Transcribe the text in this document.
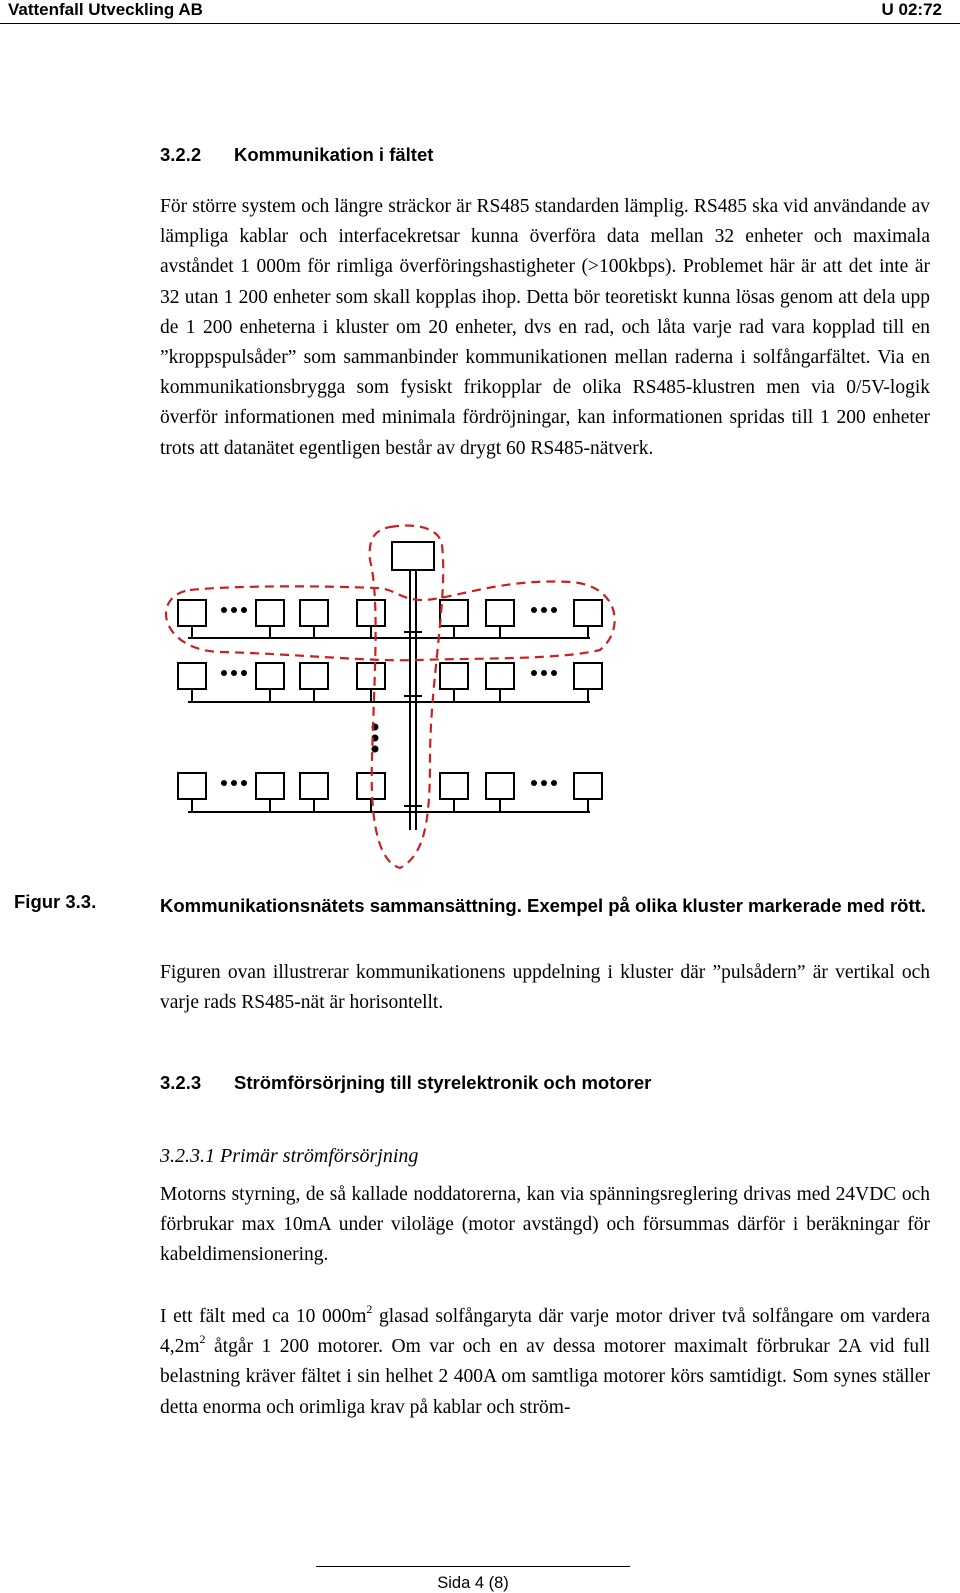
Vattenfall Utveckling AB	U 02:72
3.2.2 Kommunikation i fältet
För större system och längre sträckor är RS485 standarden lämplig. RS485 ska vid användande av lämpliga kablar och interfacekretsar kunna överföra data mellan 32 enheter och maximala avståndet 1 000m för rimliga överföringshastigheter (>100kbps). Problemet här är att det inte är 32 utan 1 200 enheter som skall kopplas ihop. Detta bör teoretiskt kunna lösas genom att dela upp de 1 200 enheterna i kluster om 20 enheter, dvs en rad, och låta varje rad vara kopplad till en ”kroppspulsåder” som sammanbinder kommunikationen mellan raderna i solfångarfältet. Via en kommunikationsbrygga som fysiskt frikopplar de olika RS485-klustren men via 0/5V-logik överför informationen med minimala fördröjningar, kan informationen spridas till 1 200 enheter trots att datanätet egentligen består av drygt 60 RS485-nätverk.
Figur 3.3.	Kommunikationsnätets sammansättning. Exempel på olika kluster markerade med rött.
Figuren ovan illustrerar kommunikationens uppdelning i kluster där ”pulsådern” är vertikal och varje rads RS485-nät är horisontellt.
3.2.3 Strömförsörjning till styrelektronik och motorer
3.2.3.1 Primär strömförsörjning
Motorns styrning, de så kallade noddatorerna, kan via spänningsreglering drivas med 24VDC och förbrukar max 10mA under viloläge (motor avstängd) och försummas därför i beräkningar för kabeldimensionering.
I ett fält med ca 10 $000m^2$ glasad solfångaryta där varje motor driver två solfångare om vardera $4,2m^2$ åtgår 1 200 motorer. Om var och en av dessa motorer maximalt förbrukar 2A vid full belastning kräver fältet i sin helhet 2 400A om samtliga motorer körs samtidigt. Som synes ställer detta enorma och orimliga krav på kablar och ström-
Sida 4 (8)
